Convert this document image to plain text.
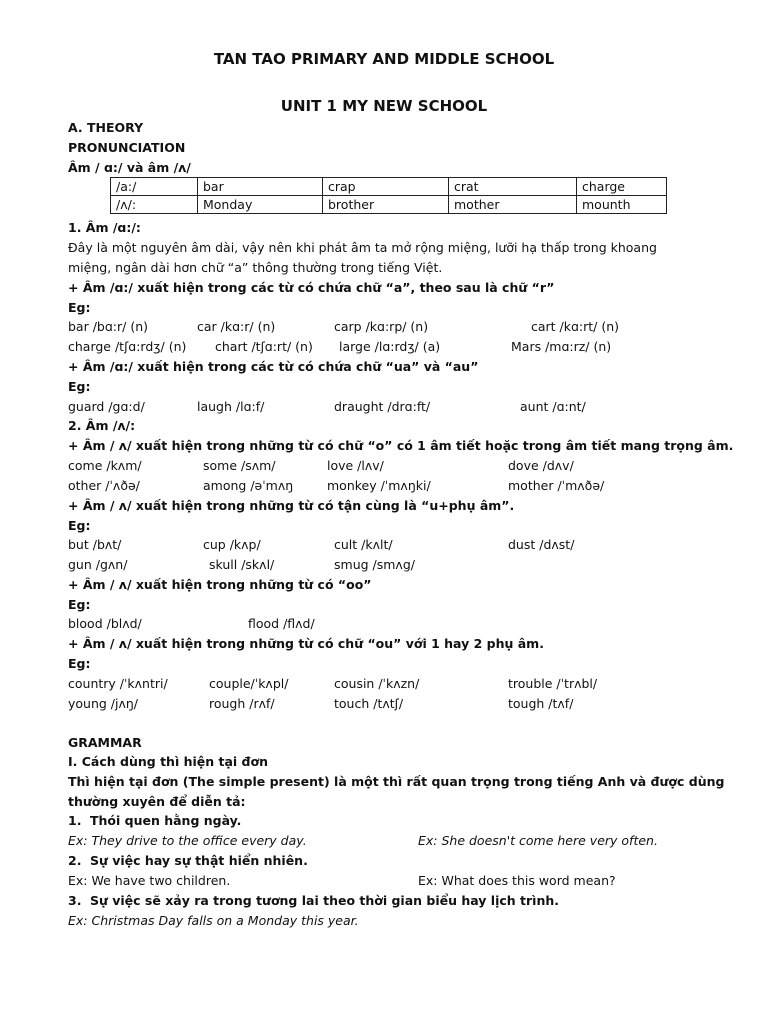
TAN TAO PRIMARY AND MIDDLE SCHOOL
UNIT 1 MY NEW SCHOOL
A. THEORY
PRONUNCIATION
Âm / ɑ:/ và âm /ʌ/
/a:/	bar	crap	crat	charge
/ʌ/:	Monday	brother	mother	mounth
1. Âm /ɑ:/:
Đây là một nguyên âm dài, vậy nên khi phát âm ta mở rộng miệng, lưỡi hạ thấp trong khoang
miệng, ngân dài hơn chữ “a” thông thường trong tiếng Việt.
+ Âm /ɑ:/ xuất hiện trong các từ có chứa chữ “a”, theo sau là chữ “r”
Eg:
bar /bɑ:r/ (n)	car /kɑ:r/ (n)	carp /kɑ:rp/ (n)	cart /kɑ:rt/ (n)
charge /tʃɑ:rdʒ/ (n) chart /tʃɑ:rt/ (n) large /lɑ:rdʒ/ (a)	Mars /mɑ:rz/ (n)
+ Âm /ɑ:/ xuất hiện trong các từ có chứa chữ “ua” và “au”
Eg:
guard /gɑ:d/	laugh /lɑ:f/	draught /drɑ:ft/	aunt /ɑ:nt/
2. Âm /ʌ/:
+ Âm / ʌ/ xuất hiện trong những từ có chữ “o” có 1 âm tiết hoặc trong âm tiết mang trọng âm.
come /kʌm/	some /sʌm/	love /lʌv/	dove /dʌv/
other /ˈʌðə/	among /əˈmʌŋ	monkey /ˈmʌŋki/	mother /ˈmʌðə/
+ Âm / ʌ/ xuất hiện trong những từ có tận cùng là “u+phụ âm”.
Eg:
but /bʌt/	cup /kʌp/	cult /kʌlt/	dust /dʌst/
gun /gʌn/	skull /skʌl/	smug /smʌg/
+ Âm / ʌ/ xuất hiện trong những từ có “oo”
Eg:
blood /blʌd/	flood /flʌd/
+ Âm / ʌ/ xuất hiện trong những từ có chữ “ou” với 1 hay 2 phụ âm.
Eg:
country /ˈkʌntri/	couple/ˈkʌpl/	cousin /ˈkʌzn/	trouble /ˈtrʌbl/
young /jʌŋ/	rough /rʌf/	touch /tʌtʃ/	tough /tʌf/
GRAMMAR
I. Cách dùng thì hiện tại đơn
Thì hiện tại đơn (The simple present) là một thì rất quan trọng trong tiếng Anh và được dùng
thường xuyên để diễn tả:
1. Thói quen hằng ngày.
Ex: They drive to the office every day.	Ex: She doesn't come here very often.
2. Sự việc hay sự thật hiển nhiên.
Ex: We have two children.	Ex: What does this word mean?
3. Sự việc sẽ xảy ra trong tương lai theo thời gian biểu hay lịch trình.
Ex: Christmas Day falls on a Monday this year.
